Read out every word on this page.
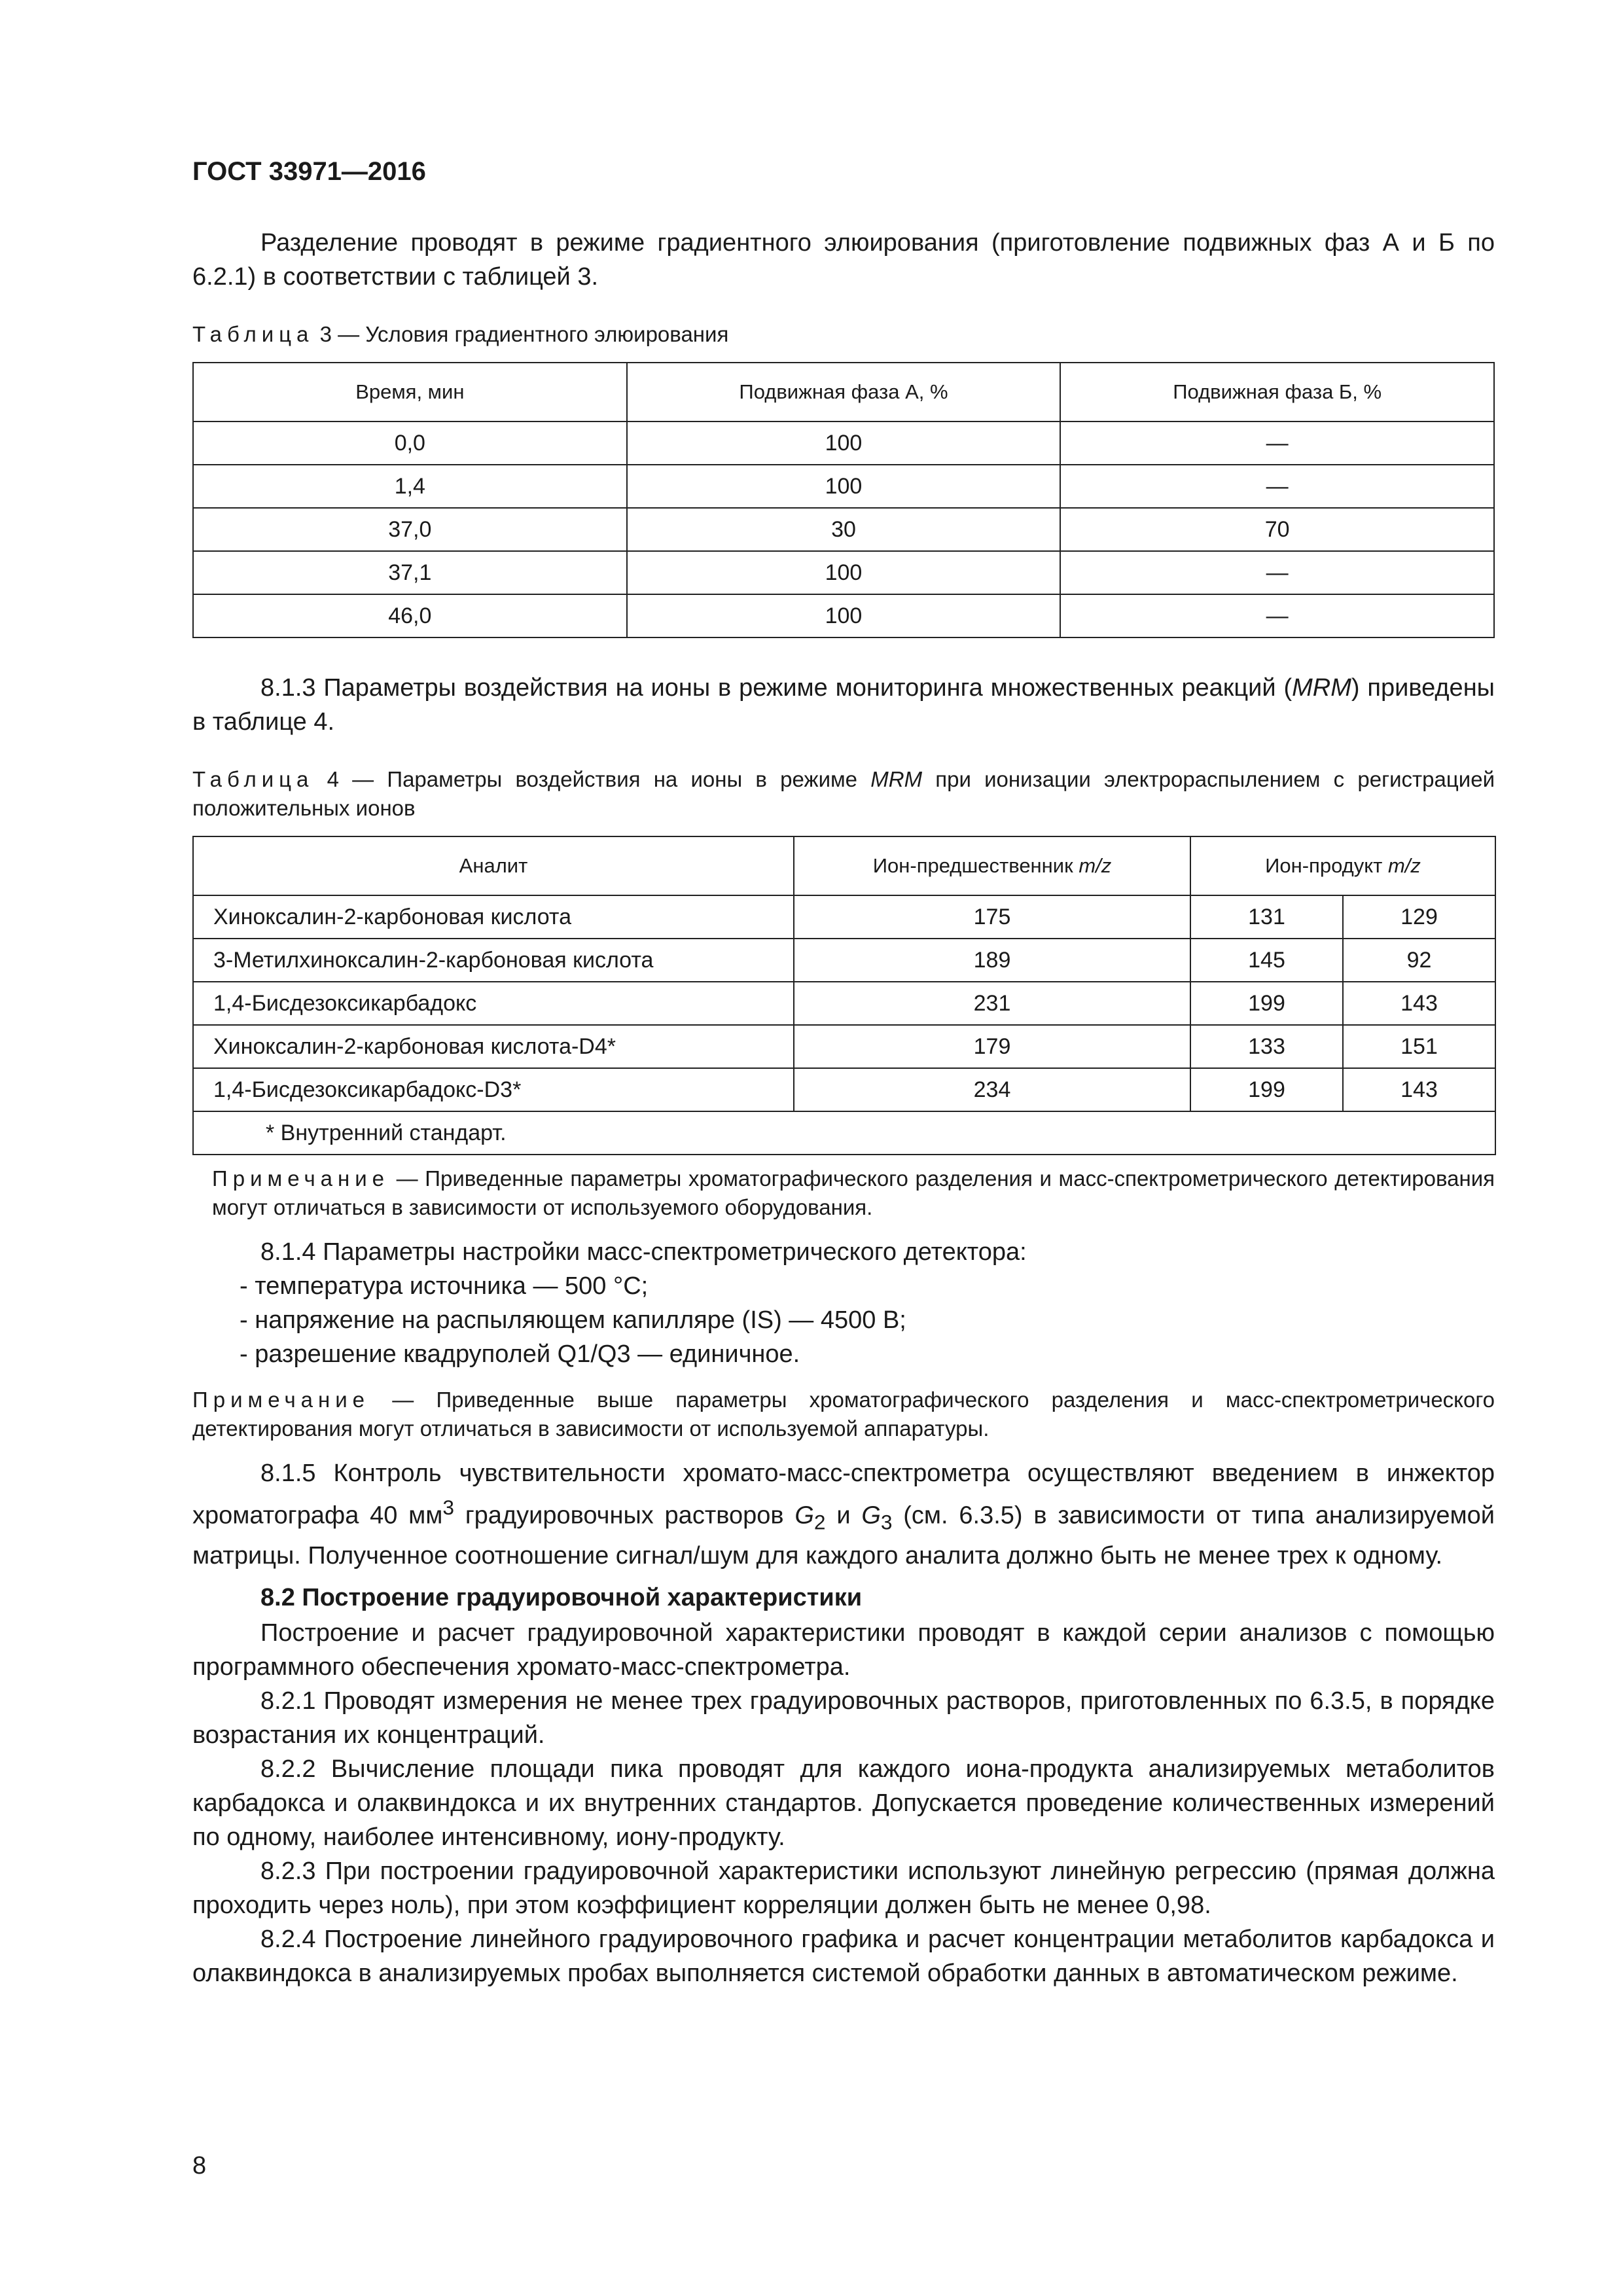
ГОСТ 33971—2016

Разделение проводят в режиме градиентного элюирования (приготовление подвижных фаз А и Б по 6.2.1) в соответствии с таблицей 3.

Таблица 3 — Условия градиентного элюирования
Время, мин	Подвижная фаза А, %	Подвижная фаза Б, %
0,0	100	—
1,4	100	—
37,0	30	70
37,1	100	—
46,0	100	—

8.1.3 Параметры воздействия на ионы в режиме мониторинга множественных реакций (MRM) приведены в таблице 4.

Таблица 4 — Параметры воздействия на ионы в режиме MRM при ионизации электрораспылением с регистрацией положительных ионов
Аналит	Ион-предшественник m/z	Ион-продукт m/z	
Хиноксалин-2-карбоновая кислота	175	131	129
3-Метилхиноксалин-2-карбоновая кислота	189	145	92
1,4-Бисдезоксикарбадокс	231	199	143
Хиноксалин-2-карбоновая кислота-D4*	179	133	151
1,4-Бисдезоксикарбадокс-D3*	234	199	143
* Внутренний стандарт.			
Примечание — Приведенные параметры хроматографического разделения и масс-спектрометрического детектирования могут отличаться в зависимости от используемого оборудования.

8.1.4 Параметры настройки масс-спектрометрического детектора:

- температура источника — 500 °С;

- напряжение на распыляющем капилляре (IS) — 4500 В;

- разрешение квадруполей Q1/Q3 — единичное.

Примечание — Приведенные выше параметры хроматографического разделения и масс-спектрометрического детектирования могут отличаться в зависимости от используемой аппаратуры.

8.1.5 Контроль чувствительности хромато-масс-спектрометра осуществляют введением в инжектор хроматографа 40 $мм^3$ градуировочных растворов $G_2$ и $G_3$ (см. 6.3.5) в зависимости от типа анализируемой матрицы. Полученное соотношение сигнал/шум для каждого аналита должно быть не менее трех к одному.

8.2 Построение градуировочной характеристики

Построение и расчет градуировочной характеристики проводят в каждой серии анализов с помощью программного обеспечения хромато-масс-спектрометра.

8.2.1 Проводят измерения не менее трех градуировочных растворов, приготовленных по 6.3.5, в порядке возрастания их концентраций.

8.2.2 Вычисление площади пика проводят для каждого иона-продукта анализируемых метаболитов карбадокса и олаквиндокса и их внутренних стандартов. Допускается проведение количественных измерений по одному, наиболее интенсивному, иону-продукту.

8.2.3 При построении градуировочной характеристики используют линейную регрессию (прямая должна проходить через ноль), при этом коэффициент корреляции должен быть не менее 0,98.

8.2.4 Построение линейного градуировочного графика и расчет концентрации метаболитов карбадокса и олаквиндокса в анализируемых пробах выполняется системой обработки данных в автоматическом режиме.

8
